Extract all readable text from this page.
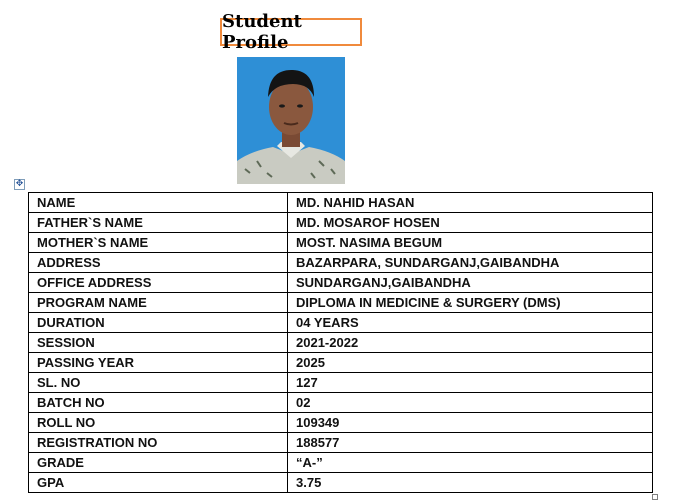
Student Profile
✥
NAME	MD. NAHID HASAN
FATHER`S NAME	MD. MOSAROF HOSEN
MOTHER`S NAME	MOST. NASIMA BEGUM
ADDRESS	BAZARPARA, SUNDARGANJ,GAIBANDHA
OFFICE ADDRESS	SUNDARGANJ,GAIBANDHA
PROGRAM NAME	DIPLOMA IN MEDICINE & SURGERY (DMS)
DURATION	04 YEARS
SESSION	2021-2022
PASSING YEAR	2025
SL. NO	127
BATCH NO	02
ROLL NO	109349
REGISTRATION NO	188577
GRADE	“A-”
GPA	3.75
